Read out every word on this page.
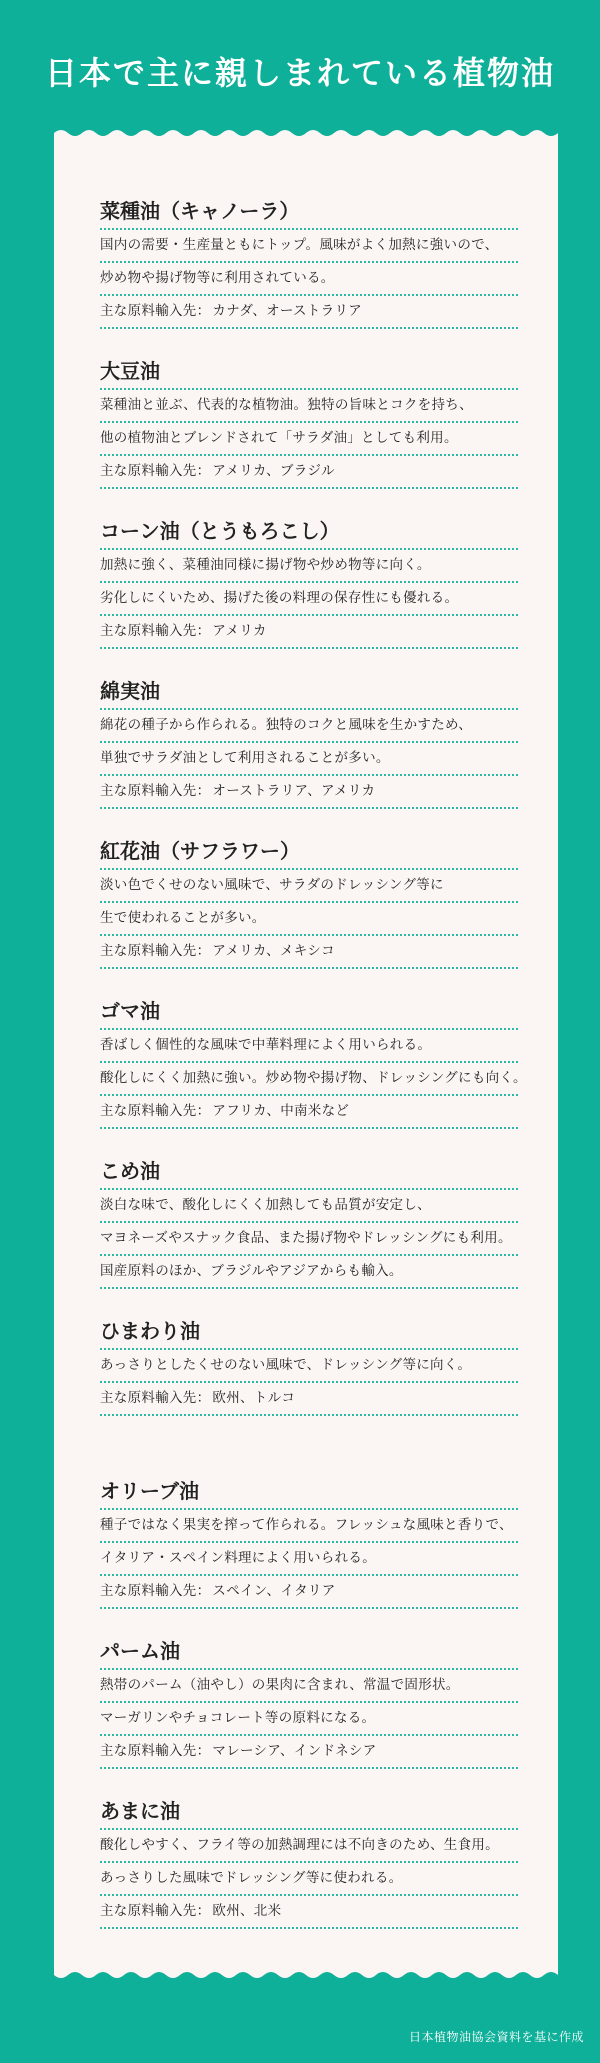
日本で主に親しまれている植物油
菜種油（キャノーラ）
国内の需要・生産量ともにトップ。風味がよく加熱に強いので、
炒め物や揚げ物等に利用されている。
主な原料輸入先： カナダ、オーストラリア
大豆油
菜種油と並ぶ、代表的な植物油。独特の旨味とコクを持ち、
他の植物油とブレンドされて「サラダ油」としても利用。
主な原料輸入先： アメリカ、ブラジル
コーン油（とうもろこし）
加熱に強く、菜種油同様に揚げ物や炒め物等に向く。
劣化しにくいため、揚げた後の料理の保存性にも優れる。
主な原料輸入先： アメリカ
綿実油
綿花の種子から作られる。独特のコクと風味を生かすため、
単独でサラダ油として利用されることが多い。
主な原料輸入先： オーストラリア、アメリカ
紅花油（サフラワー）
淡い色でくせのない風味で、サラダのドレッシング等に
生で使われることが多い。
主な原料輸入先： アメリカ、メキシコ
ゴマ油
香ばしく個性的な風味で中華料理によく用いられる。
酸化しにくく加熱に強い。炒め物や揚げ物、ドレッシングにも向く。
主な原料輸入先： アフリカ、中南米など
こめ油
淡白な味で、酸化しにくく加熱しても品質が安定し、
マヨネーズやスナック食品、また揚げ物やドレッシングにも利用。
国産原料のほか、ブラジルやアジアからも輸入。
ひまわり油
あっさりとしたくせのない風味で、ドレッシング等に向く。
主な原料輸入先： 欧州、トルコ
オリーブ油
種子ではなく果実を搾って作られる。フレッシュな風味と香りで、
イタリア・スペイン料理によく用いられる。
主な原料輸入先： スペイン、イタリア
パーム油
熱帯のパーム（油やし）の果肉に含まれ、常温で固形状。
マーガリンやチョコレート等の原料になる。
主な原料輸入先： マレーシア、インドネシア
あまに油
酸化しやすく、フライ等の加熱調理には不向きのため、生食用。
あっさりした風味でドレッシング等に使われる。
主な原料輸入先： 欧州、北米
日本植物油協会資料を基に作成
